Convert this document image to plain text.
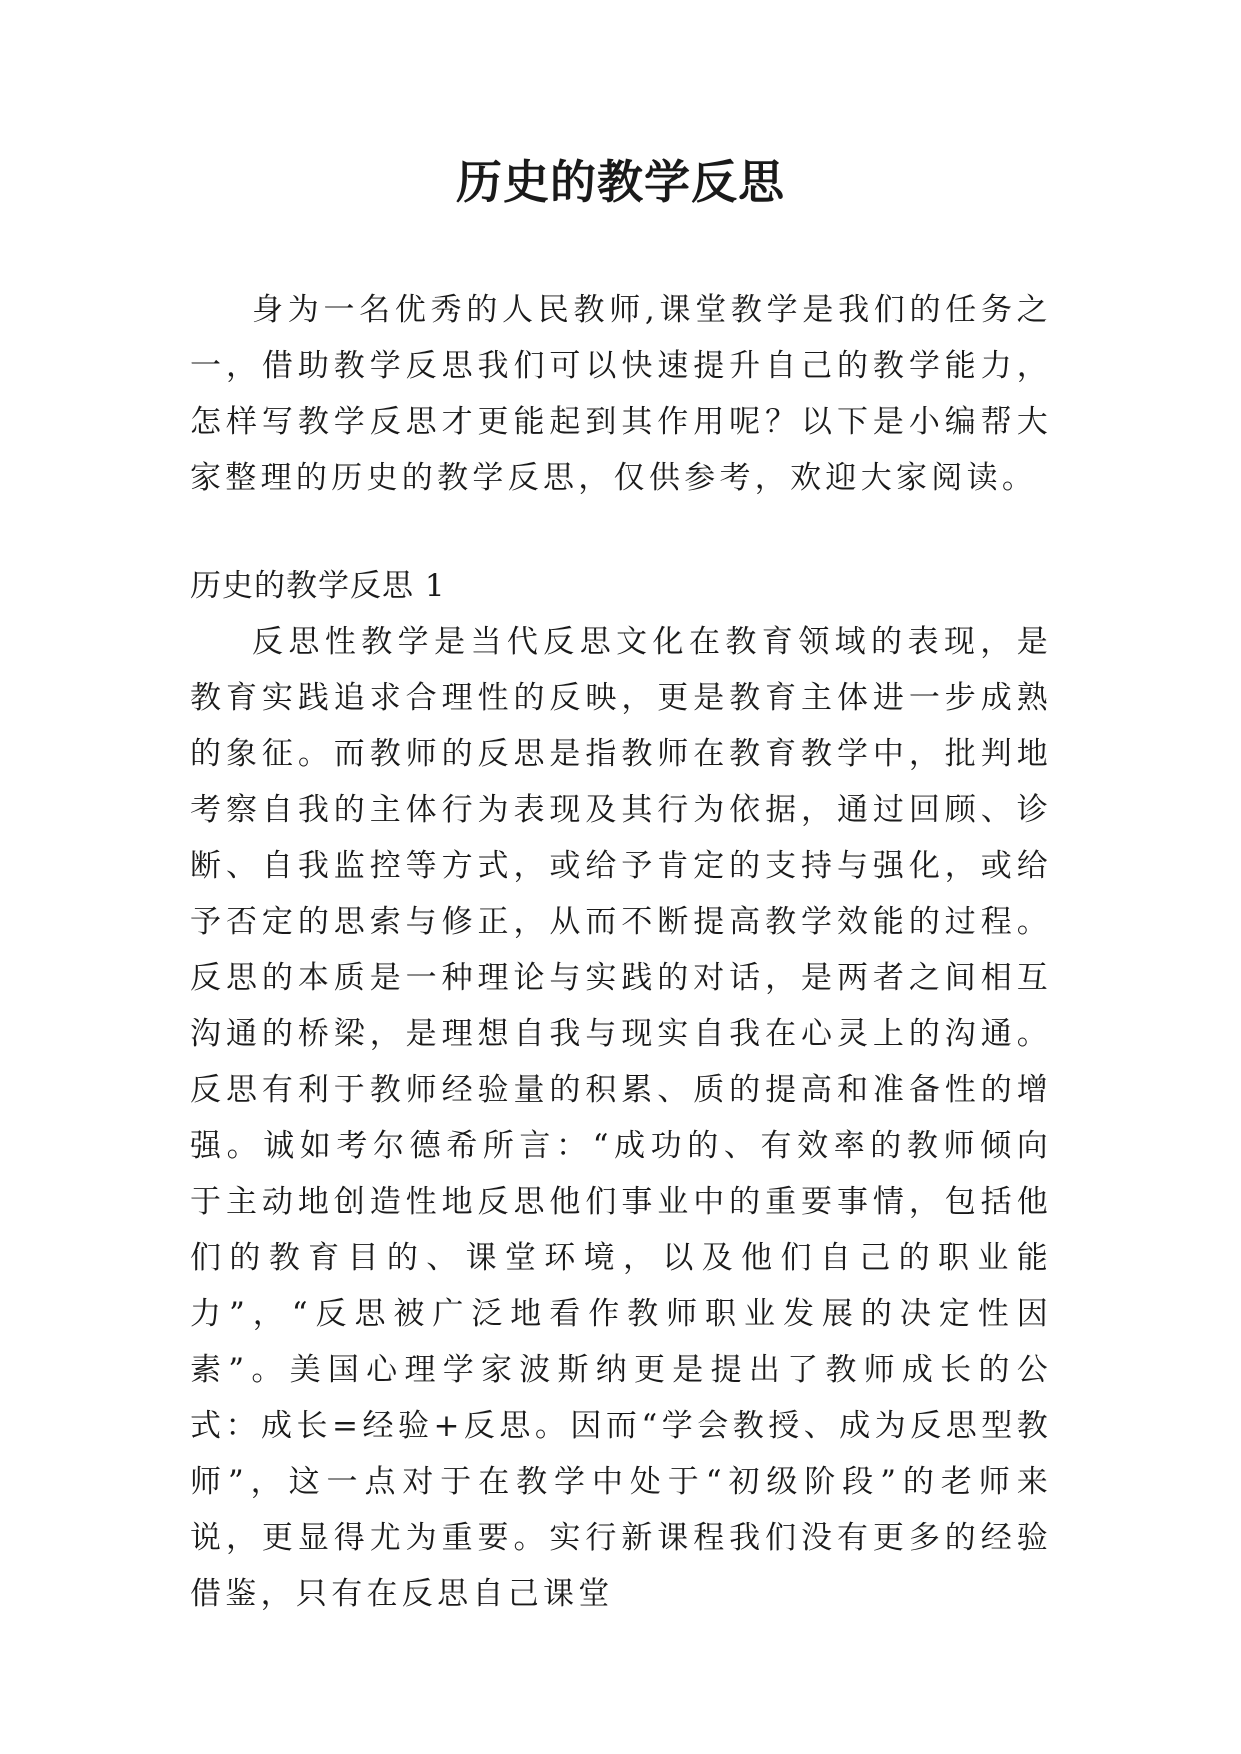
历史的教学反思

身为一名优秀的人民教师,课堂教学是我们的任务之一，借助教学反思我们可以快速提升自己的教学能力，怎样写教学反思才更能起到其作用呢？以下是小编帮大家整理的历史的教学反思，仅供参考，欢迎大家阅读。

历史的教学反思 1

反思性教学是当代反思文化在教育领域的表现，是教育实践追求合理性的反映，更是教育主体进一步成熟的象征。而教师的反思是指教师在教育教学中，批判地考察自我的主体行为表现及其行为依据，通过回顾、诊断、自我监控等方式，或给予肯定的支持与强化，或给予否定的思索与修正，从而不断提高教学效能的过程。反思的本质是一种理论与实践的对话，是两者之间相互沟通的桥梁，是理想自我与现实自我在心灵上的沟通。反思有利于教师经验量的积累、质的提高和准备性的增强。诚如考尔德希所言：“成功的、有效率的教师倾向于主动地创造性地反思他们事业中的重要事情，包括他们的教育目的、课堂环境，以及他们自己的职业能力”，“反思被广泛地看作教师职业发展的决定性因素”。美国心理学家波斯纳更是提出了教师成长的公式：成长=经验+反思。因而“学会教授、成为反思型教师”，这一点对于在教学中处于“初级阶段”的老师来说，更显得尤为重要。实行新课程我们没有更多的经验借鉴，只有在反思自己课堂
